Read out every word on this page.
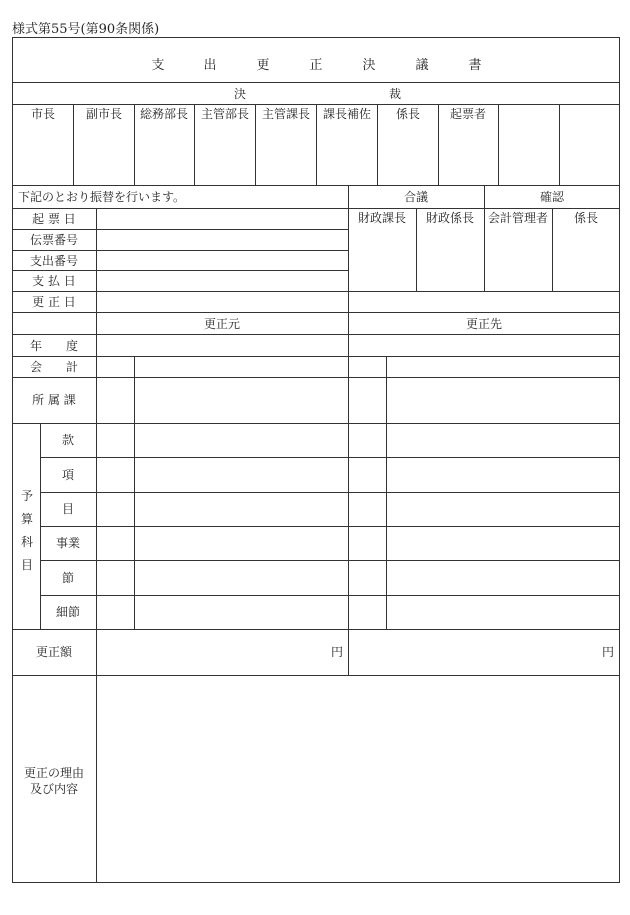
様式第55号(第90条関係)
支	出	更	正	決	議	書
決	裁
市長	副市長 総務部長 主管部長 主管課長 課長補佐 係長 起票者
下記のとおり振替を行います。	合議	確認
財政課長 財政係長 会計管理者 係長
起 票 日
伝票番号
支出番号
支 払 日
更 正 日
更正元	更正先
年　　度
会　　計
所 属 課
予
算
科
目
款
項
目
事業
節
細節
更正額	円	円
更正の理由
及び内容
